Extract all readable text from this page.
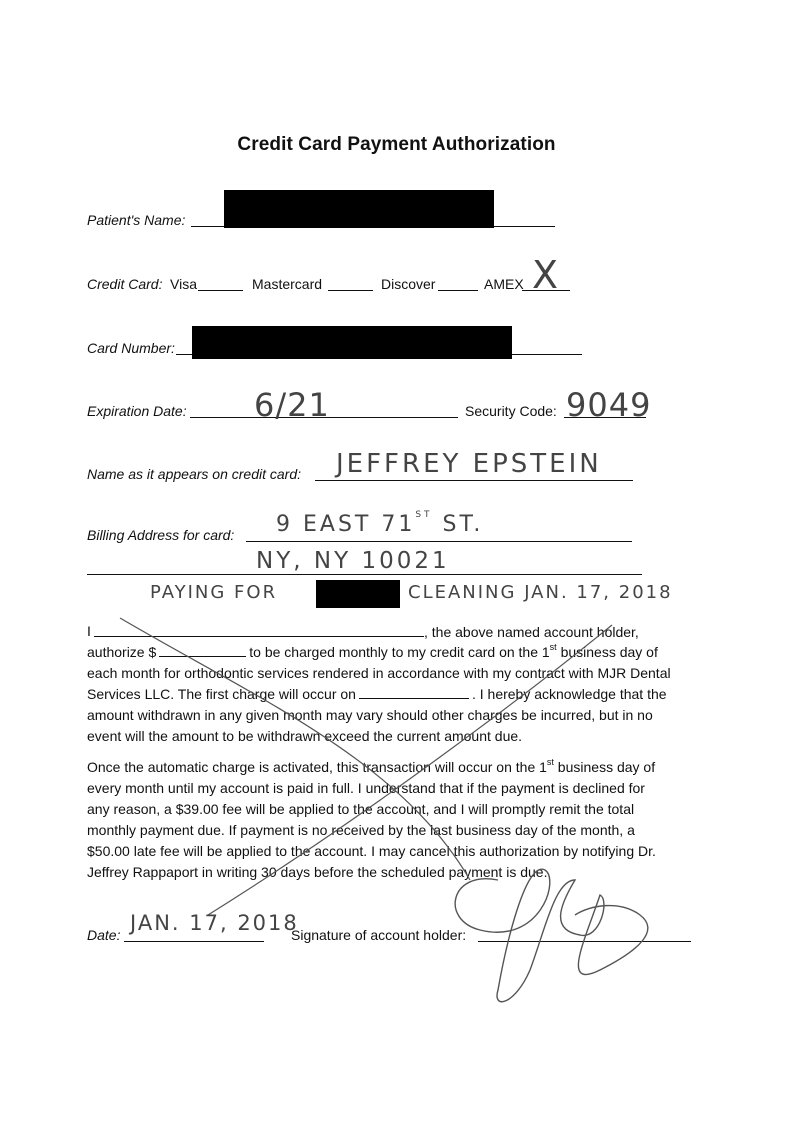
Credit Card Payment Authorization
Patient's Name:
Credit Card: Visa	Mastercard	Discover	AMEX X
Card Number:
Expiration Date: 6/21	Security Code: 9049
Name as it appears on credit card: JEFFREY EPSTEIN
Billing Address for card: 9 EAST 71ST ST.
NY, NY 10021
PAYING FOR	CLEANING JAN. 17, 2018
I	, the above named account holder,
authorize $	to be charged monthly to my credit card on the 1st business day of
each month for orthodontic services rendered in accordance with my contract with MJR Dental
Services LLC. The first charge will occur on	. I hereby acknowledge that the
amount withdrawn in any given month may vary should other charges be incurred, but in no
event will the amount to be withdrawn exceed the current amount due.
Once the automatic charge is activated, this transaction will occur on the 1st business day of
every month until my account is paid in full. I understand that if the payment is declined for
any reason, a $39.00 fee will be applied to the account, and I will promptly remit the total
monthly payment due. If payment is no received by the last business day of the month, a
$50.00 late fee will be applied to the account. I may cancel this authorization by notifying Dr.
Jeffrey Rappaport in writing 30 days before the scheduled payment is due.
Date: JAN. 17, 2018
Signature of account holder:
